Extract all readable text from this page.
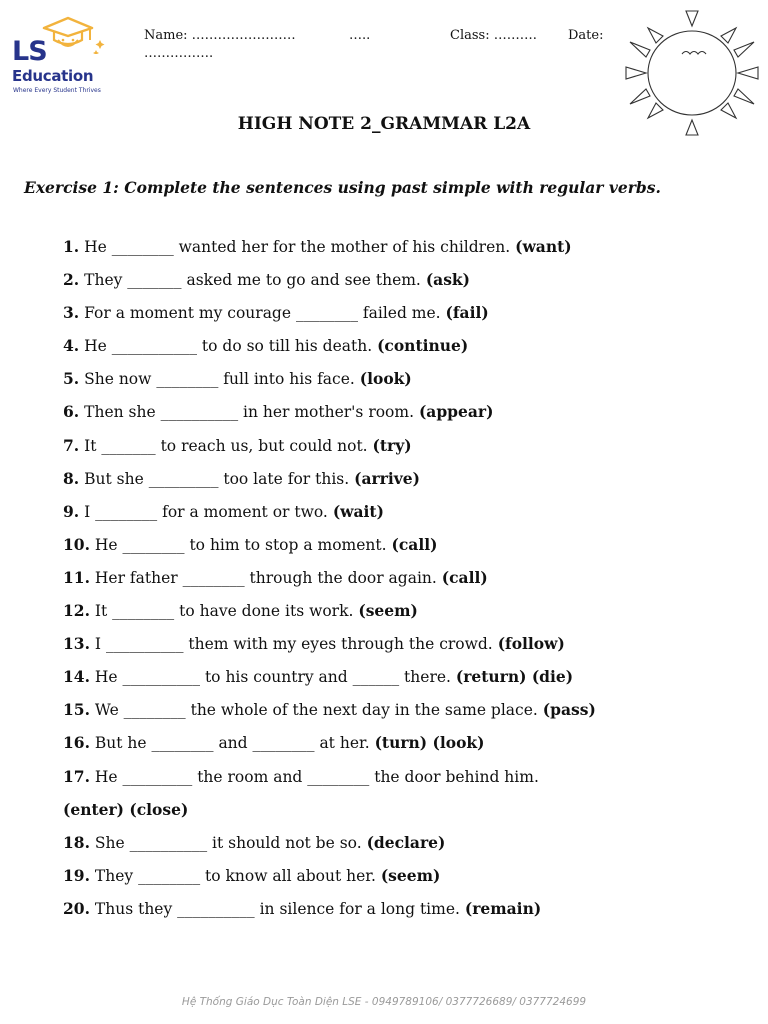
LS
Education
Where Every Student Thrives
Name: ……………………	…..	Class: ………. Date:
…………….
HIGH NOTE 2_GRAMMAR L2A
Exercise 1: Complete the sentences using past simple with regular verbs.
1. He ________ wanted her for the mother of his children. (want)
2. They _______ asked me to go and see them. (ask)
3. For a moment my courage ________ failed me. (fail)
4. He ___________ to do so till his death. (continue)
5. She now ________ full into his face. (look)
6. Then she __________ in her mother's room. (appear)
7. It _______ to reach us, but could not. (try)
8. But she _________ too late for this. (arrive)
9. I ________ for a moment or two. (wait)
10. He ________ to him to stop a moment. (call)
11. Her father ________ through the door again. (call)
12. It ________ to have done its work. (seem)
13. I __________ them with my eyes through the crowd. (follow)
14. He __________ to his country and ______ there. (return) (die)
15. We ________ the whole of the next day in the same place. (pass)
16. But he ________ and ________ at her. (turn) (look)
17. He _________ the room and ________ the door behind him.
(enter) (close)
18. She __________ it should not be so. (declare)
19. They ________ to know all about her. (seem)
20. Thus they __________ in silence for a long time. (remain)
Hệ Thống Giáo Dục Toàn Diện LSE - 0949789106/ 0377726689/ 0377724699
